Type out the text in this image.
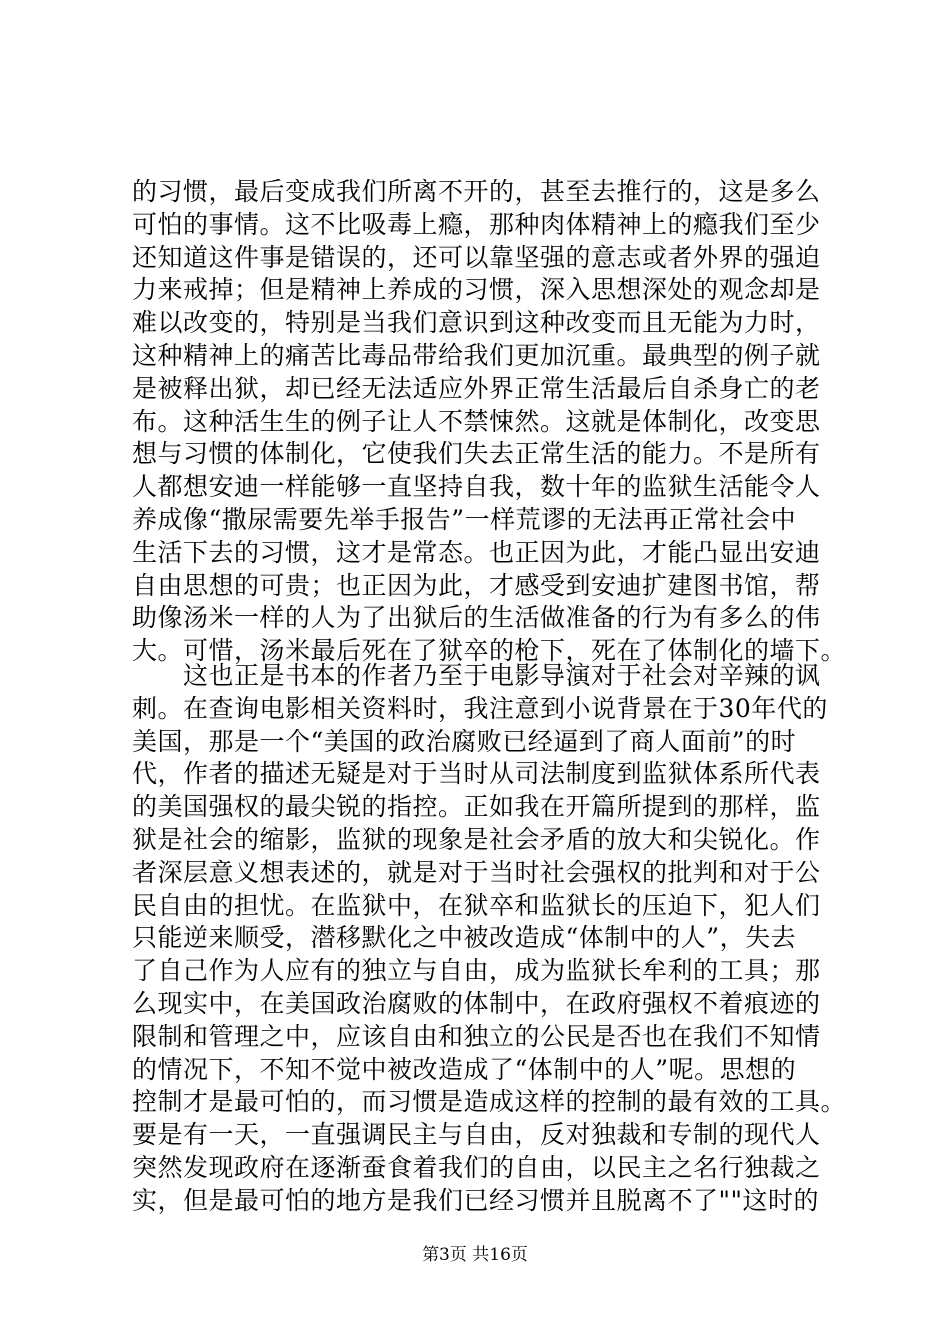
的习惯，最后变成我们所离不开的，甚至去推行的，这是多么
可怕的事情。这不比吸毒上瘾，那种肉体精神上的瘾我们至少
还知道这件事是错误的，还可以靠坚强的意志或者外界的强迫
力来戒掉；但是精神上养成的习惯，深入思想深处的观念却是
难以改变的，特别是当我们意识到这种改变而且无能为力时，
这种精神上的痛苦比毒品带给我们更加沉重。最典型的例子就
是被释出狱，却已经无法适应外界正常生活最后自杀身亡的老
布。这种活生生的例子让人不禁悚然。这就是体制化，改变思
想与习惯的体制化，它使我们失去正常生活的能力。不是所有
人都想安迪一样能够一直坚持自我，数十年的监狱生活能令人
养成像“撒尿需要先举手报告”一样荒谬的无法再正常社会中
生活下去的习惯，这才是常态。也正因为此，才能凸显出安迪
自由思想的可贵；也正因为此，才感受到安迪扩建图书馆，帮
助像汤米一样的人为了出狱后的生活做准备的行为有多么的伟
大。可惜，汤米最后死在了狱卒的枪下，死在了体制化的墙下。
　　这也正是书本的作者乃至于电影导演对于社会对辛辣的讽
刺。在查询电影相关资料时，我注意到小说背景在于30年代的
美国，那是一个“美国的政治腐败已经逼到了商人面前”的时
代，作者的描述无疑是对于当时从司法制度到监狱体系所代表
的美国强权的最尖锐的指控。正如我在开篇所提到的那样，监
狱是社会的缩影，监狱的现象是社会矛盾的放大和尖锐化。作
者深层意义想表述的，就是对于当时社会强权的批判和对于公
民自由的担忧。在监狱中，在狱卒和监狱长的压迫下，犯人们
只能逆来顺受，潜移默化之中被改造成“体制中的人”，失去
了自己作为人应有的独立与自由，成为监狱长牟利的工具；那
么现实中，在美国政治腐败的体制中，在政府强权不着痕迹的
限制和管理之中，应该自由和独立的公民是否也在我们不知情
的情况下，不知不觉中被改造成了“体制中的人”呢。思想的
控制才是最可怕的，而习惯是造成这样的控制的最有效的工具。
要是有一天，一直强调民主与自由，反对独裁和专制的现代人
突然发现政府在逐渐蚕食着我们的自由，以民主之名行独裁之
实，但是最可怕的地方是我们已经习惯并且脱离不了""这时的
第3页 共16页
